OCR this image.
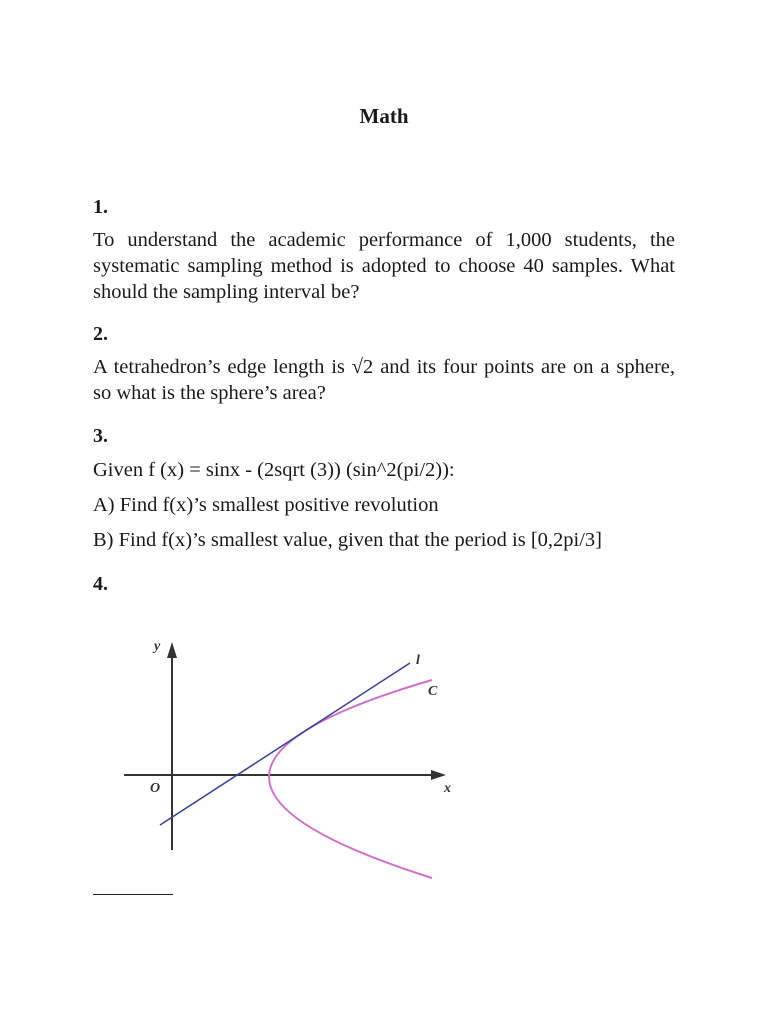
Math

1.

To understand the academic performance of 1,000 students, the systematic sampling method is adopted to choose 40 samples. What should the sampling interval be?

2.

A tetrahedron’s edge length is √2 and its four points are on a sphere, so what is the sphere’s area?

3.

Given f (x) = sinx - (2sqrt (3)) (sin^2(pi/2)):

A) Find f(x)’s smallest positive revolution

B) Find f(x)’s smallest value, given that the period is [0,2pi/3]

4.

y
O	x
l
C
